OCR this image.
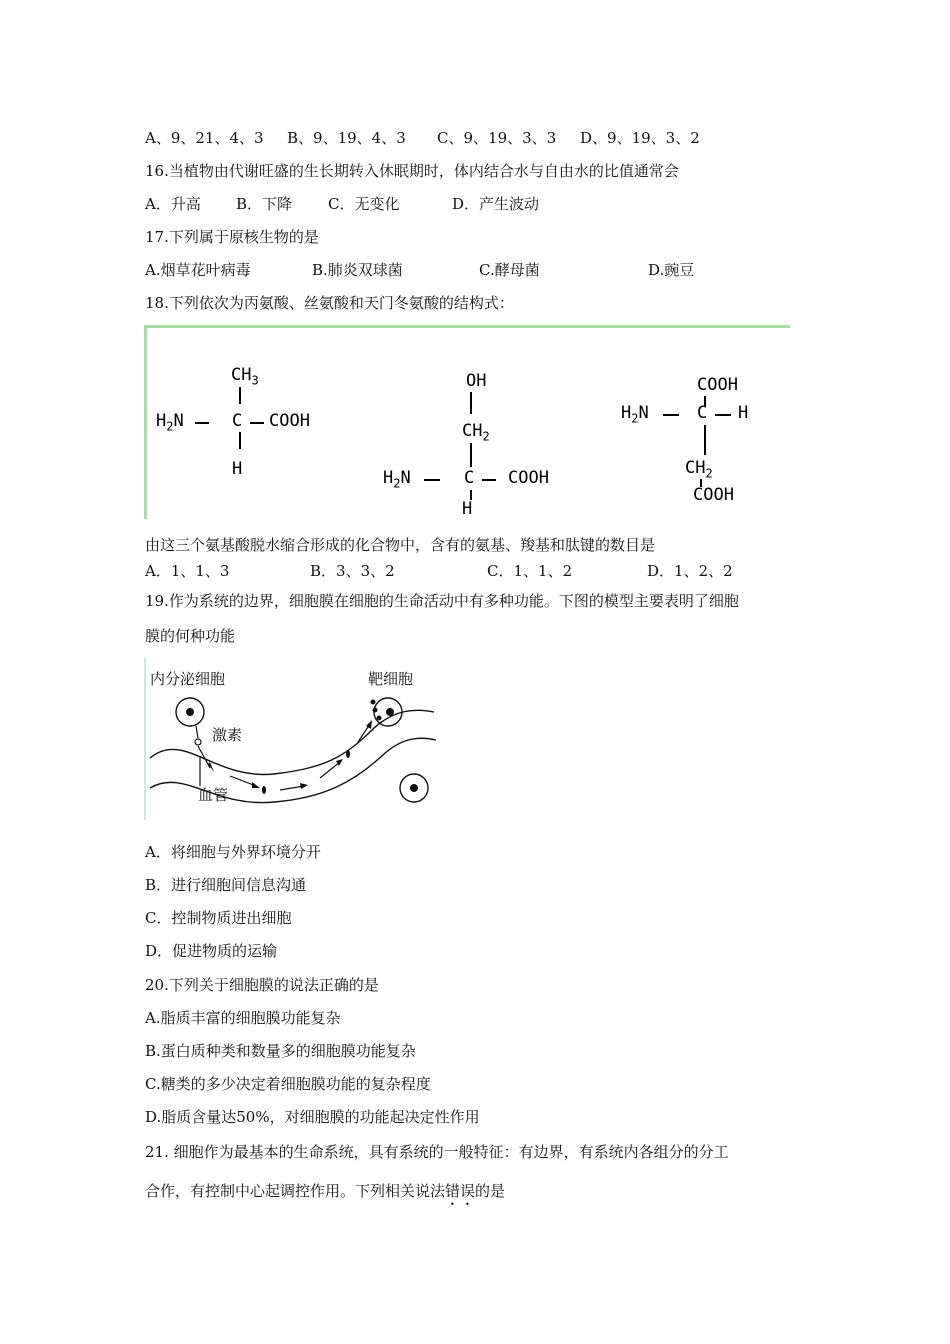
A、9、21、4、3 B、9、19、4、3 C、9、19、3、3 D、9、19、3、2
16.当植物由代谢旺盛的生长期转入休眠期时，体内结合水与自由水的比值通常会
A．升高 B．下降 C．无变化	D．产生波动
17.下列属于原核生物的是
A.烟草花叶病毒	B.肺炎双球菌	C.酵母菌	D.豌豆
18.下列依次为丙氨酸、丝氨酸和天门冬氨酸的结构式：
$CH_3$
$H_2N$	C COOH
H
OH
$CH_2$
$H_2N$	C COOH
H
COOH
$H_2N$	C H
$CH_2$
COOH
由这三个氨基酸脱水缩合形成的化合物中，含有的氨基、羧基和肽键的数目是
A．1、1、3	B．3、3、2	C．1、1、2	D．1、2、2
19.作为系统的边界，细胞膜在细胞的生命活动中有多种功能。下图的模型主要表明了细胞
膜的何种功能
内分泌细胞
激素
靶细胞
血管
A．将细胞与外界环境分开
B．进行细胞间信息沟通
C．控制物质进出细胞
D．促进物质的运输
20.下列关于细胞膜的说法正确的是
A.脂质丰富的细胞膜功能复杂
B.蛋白质种类和数量多的细胞膜功能复杂
C.糖类的多少决定着细胞膜功能的复杂程度
D.脂质含量达50%，对细胞膜的功能起决定性作用
21. 细胞作为最基本的生命系统，具有系统的一般特征：有边界，有系统内各组分的分工
合作，有控制中心起调控作用。下列相关说法错误的是
